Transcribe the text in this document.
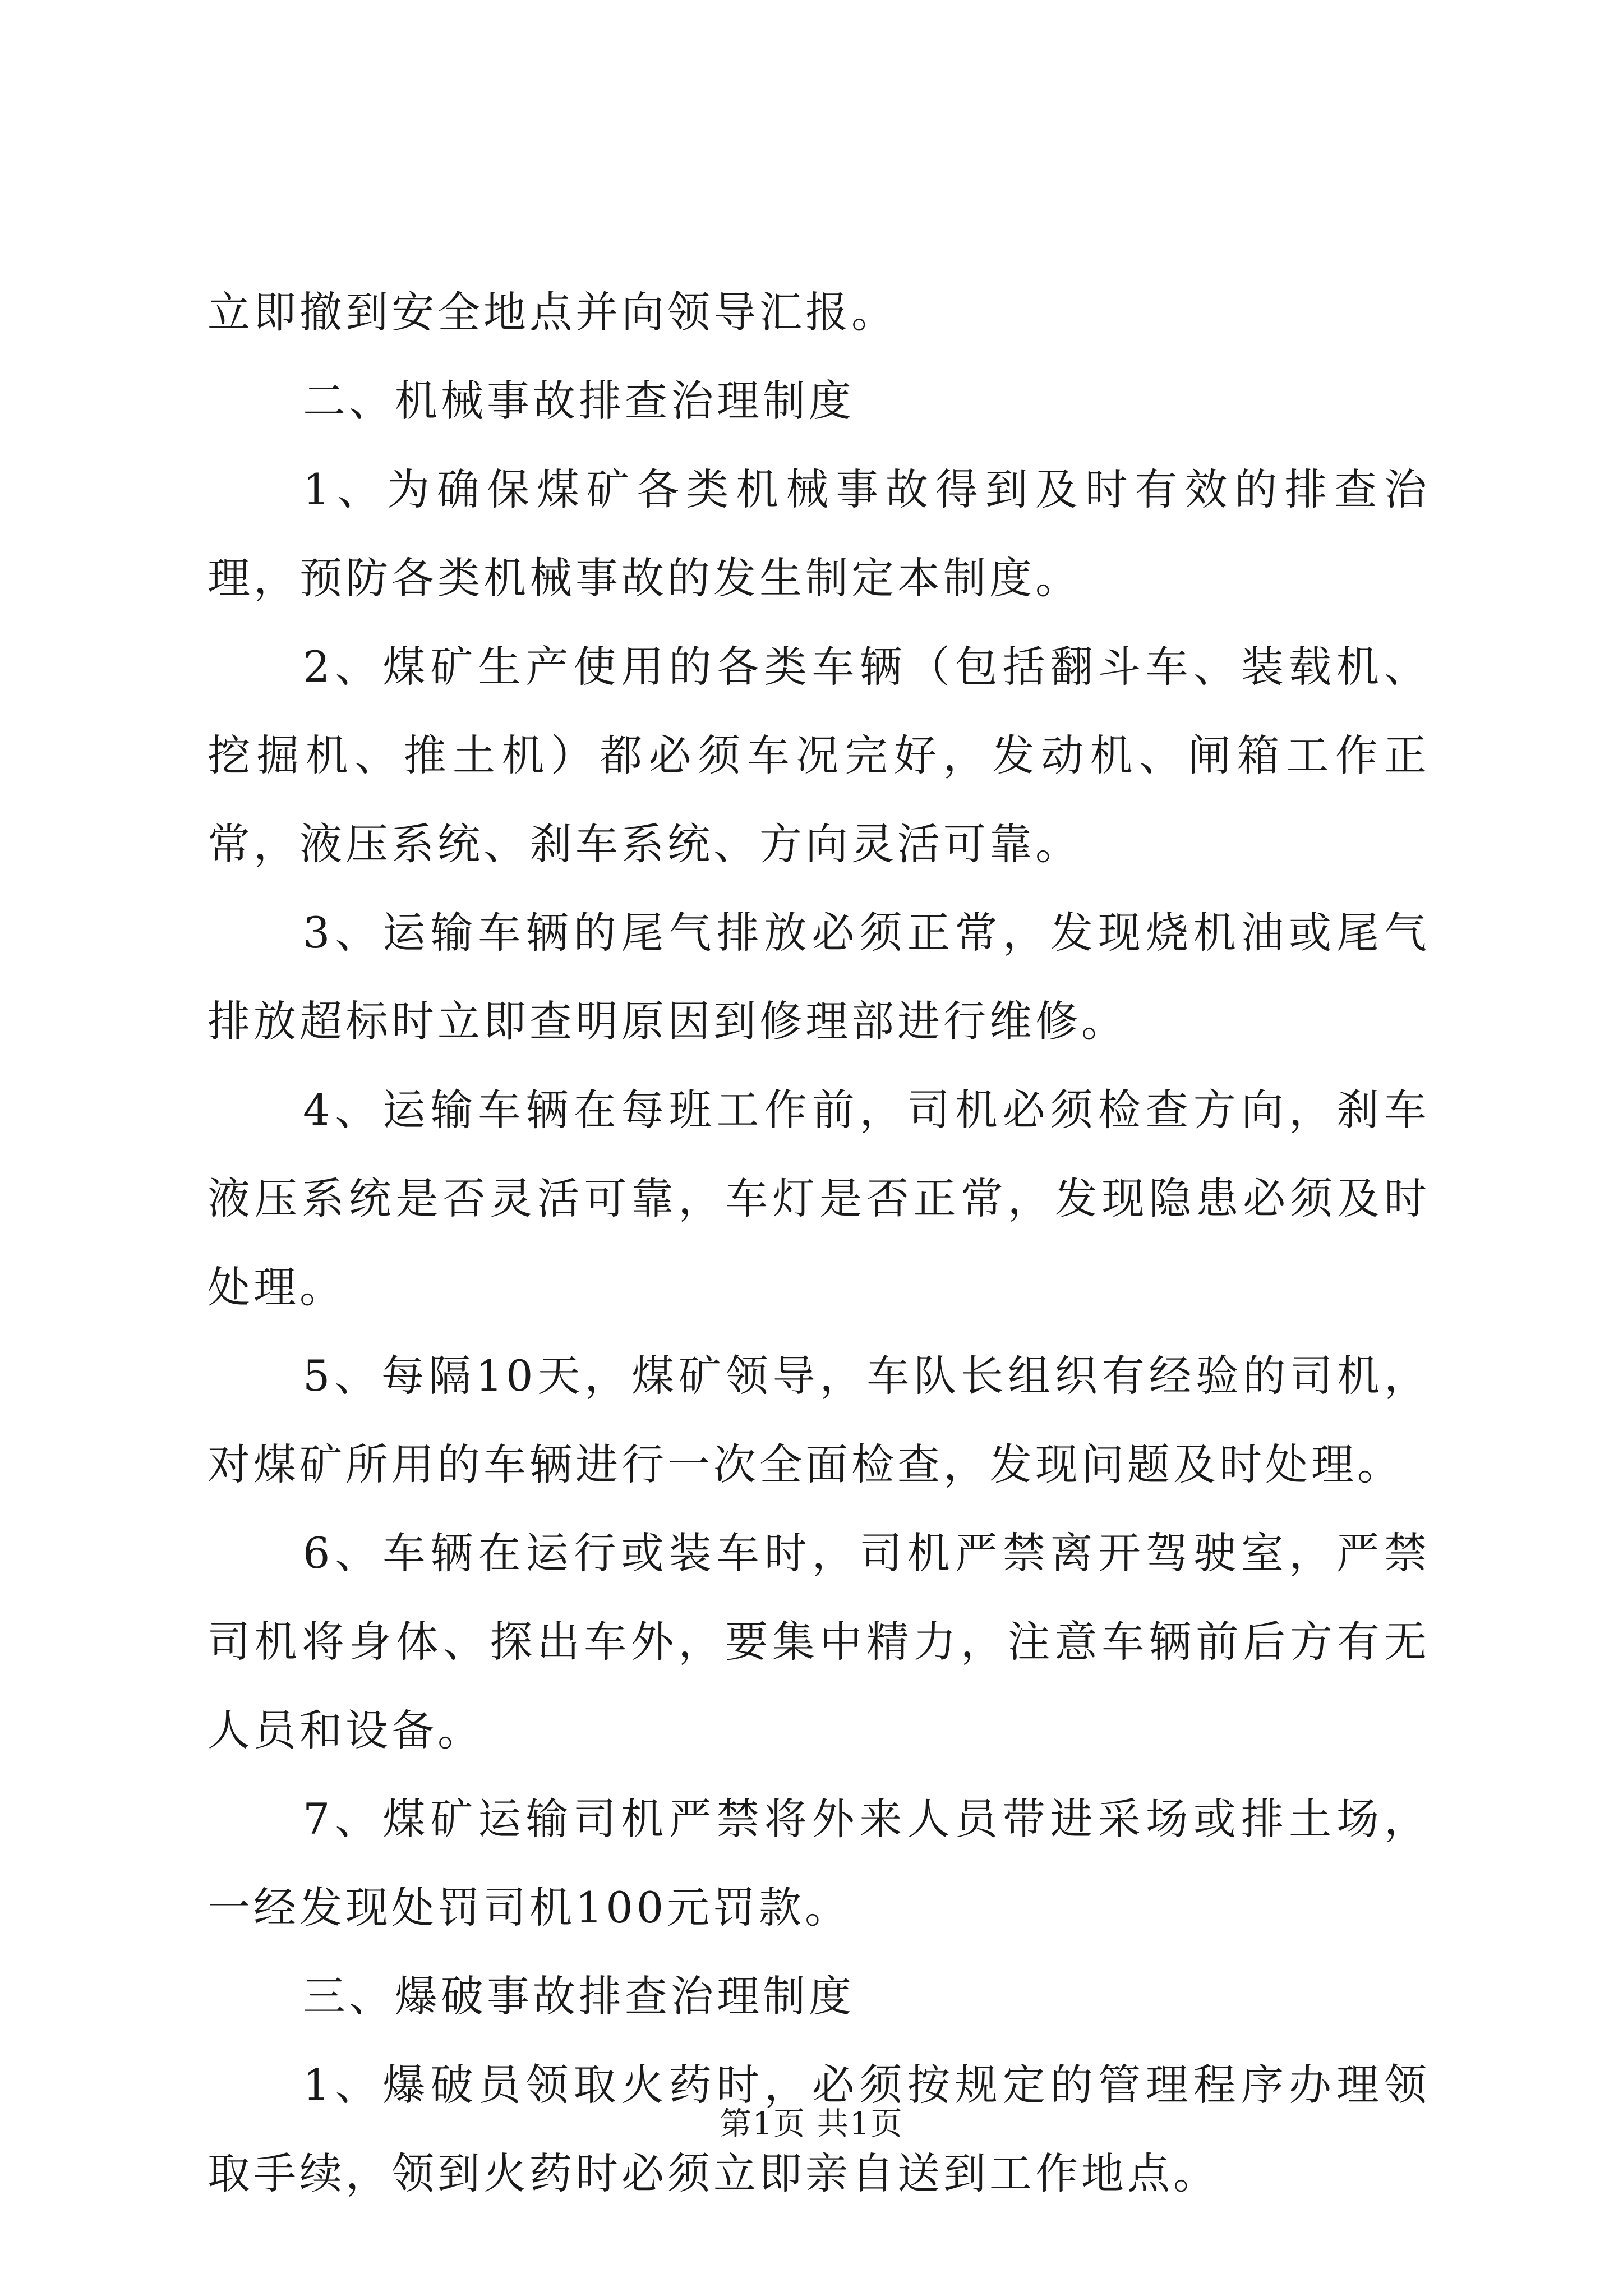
立即撤到安全地点并向领导汇报。

二、机械事故排查治理制度

1、为确保煤矿各类机械事故得到及时有效的排查治理，预防各类机械事故的发生制定本制度。

2、煤矿生产使用的各类车辆（包括翻斗车、装载机、挖掘机、推土机）都必须车况完好，发动机、闸箱工作正常，液压系统、刹车系统、方向灵活可靠。

3、运输车辆的尾气排放必须正常，发现烧机油或尾气排放超标时立即查明原因到修理部进行维修。

4、运输车辆在每班工作前，司机必须检查方向，刹车液压系统是否灵活可靠，车灯是否正常，发现隐患必须及时处理。

5、每隔10天，煤矿领导，车队长组织有经验的司机，对煤矿所用的车辆进行一次全面检查，发现问题及时处理。

6、车辆在运行或装车时，司机严禁离开驾驶室，严禁司机将身体、探出车外，要集中精力，注意车辆前后方有无人员和设备。

7、煤矿运输司机严禁将外来人员带进采场或排土场，一经发现处罚司机100元罚款。

三、爆破事故排查治理制度

1、爆破员领取火药时，必须按规定的管理程序办理领取手续，领到火药时必须立即亲自送到工作地点。

第1页 共1页
